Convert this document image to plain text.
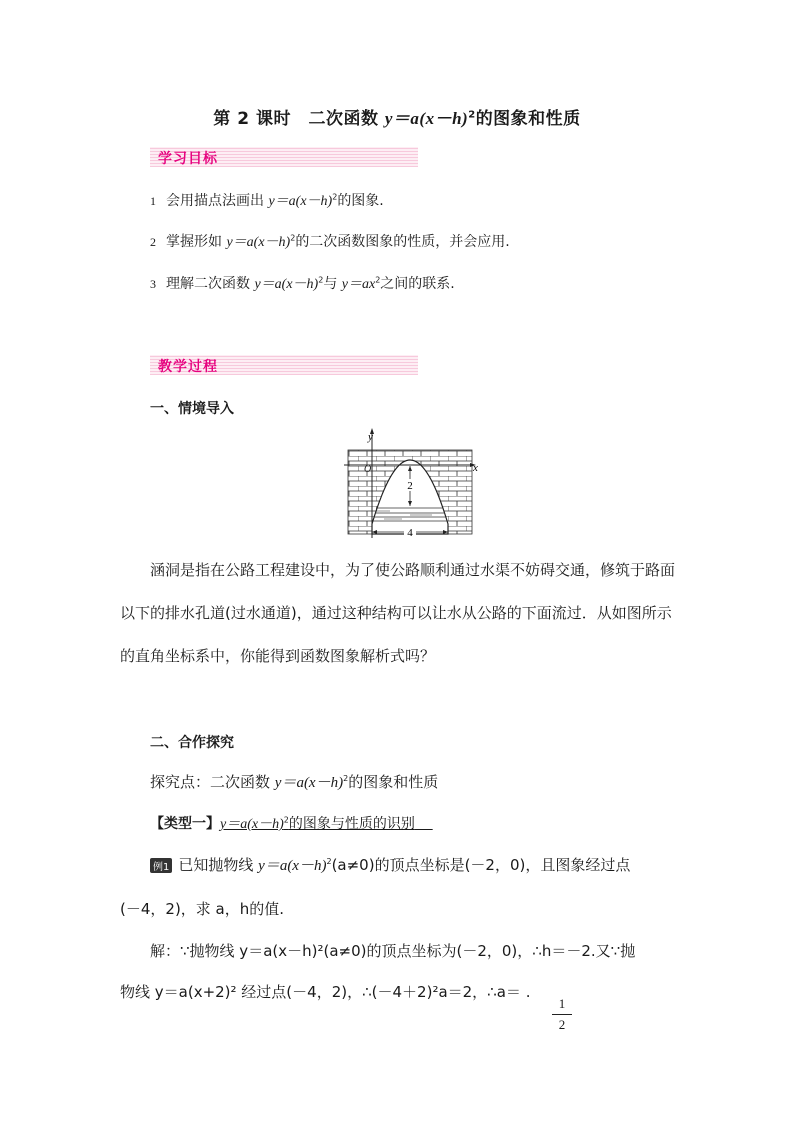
第 2 课时　二次函数 $y=a(x-h)^2$的图象和性质
学习目标
1 会用描点法画出 $y=a(x-h)^2$的图象.
2 掌握形如 $y=a(x-h)^2$的二次函数图象的性质，并会应用.
3 理解二次函数 $y=a(x-h)^2$与 $y=ax^2$之间的联系.
教学过程
一、情境导入
y
x
O
2
4
涵洞是指在公路工程建设中，为了使公路顺利通过水渠不妨碍交通，修筑于路面以下的排水孔道(过水通道)，通过这种结构可以让水从公路的下面流过．从如图所示的直角坐标系中，你能得到函数图象解析式吗？
二、合作探究
探究点：二次函数 $y=a(x-h)^2$的图象和性质
【类型一】$y=a(x-h)^2$的图象与性质的识别
例1 已知抛物线 $y=a(x-h)^2(a\ne 0)$的顶点坐标是(－2，0)，且图象经过点
(－4，2)，求 a，h的值.
解：∵抛物线 y＝a(x－h)²(a≠0)的顶点坐标为(－2，0)，∴h＝－2.又∵抛
物线 y＝a(x+2)² 经过点(－4，2)，∴(－4＋2)²a＝2，∴a＝ .
1
2
